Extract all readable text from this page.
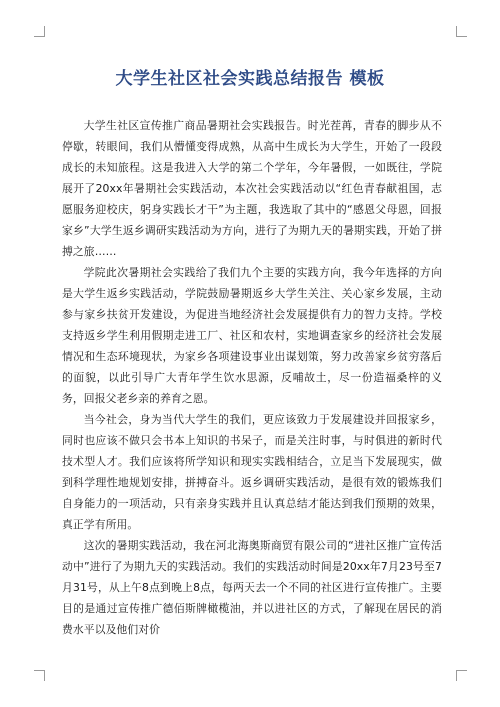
大学生社区社会实践总结报告 模板

大学生社区宣传推广商品暑期社会实践报告。时光茬苒，青春的脚步从不停歇，转眼间，我们从懵懂变得成熟，从高中生成长为大学生，开始了一段段成长的未知旅程。这是我进入大学的第二个学年，今年暑假，一如既往，学院展开了20xx年暑期社会实践活动，本次社会实践活动以“红色青春献祖国，志愿服务迎校庆，躬身实践长才干”为主题，我选取了其中的“感恩父母恩，回报家乡”大学生返乡调研实践活动为方向，进行了为期九天的暑期实践，开始了拼搏之旅……

学院此次暑期社会实践给了我们九个主要的实践方向，我今年选择的方向是大学生返乡实践活动，学院鼓励暑期返乡大学生关注、关心家乡发展，主动参与家乡扶贫开发建设，为促进当地经济社会发展提供有力的智力支持。学校支持返乡学生利用假期走进工厂、社区和农村，实地调查家乡的经济社会发展情况和生态环境现状，为家乡各项建设事业出谋划策，努力改善家乡贫穷落后的面貌，以此引导广大青年学生饮水思源，反哺故土，尽一份造福桑梓的义务，回报父老乡亲的养育之恩。

当今社会，身为当代大学生的我们，更应该致力于发展建设并回报家乡，同时也应该不做只会书本上知识的书呆子，而是关注时事，与时俱进的新时代技术型人才。我们应该将所学知识和现实实践相结合，立足当下发展现实，做到科学理性地规划安排，拼搏奋斗。返乡调研实践活动，是很有效的锻炼我们自身能力的一项活动，只有亲身实践并且认真总结才能达到我们预期的效果，真正学有所用。

这次的暑期实践活动，我在河北海奥斯商贸有限公司的“进社区推广宣传活动中”进行了为期九天的实践活动。我们的实践活动时间是20xx年7月23号至7月31号，从上午8点到晚上8点，每两天去一个不同的社区进行宣传推广。主要目的是通过宣传推广德佰斯牌橄榄油，并以进社区的方式，了解现在居民的消费水平以及他们对价
